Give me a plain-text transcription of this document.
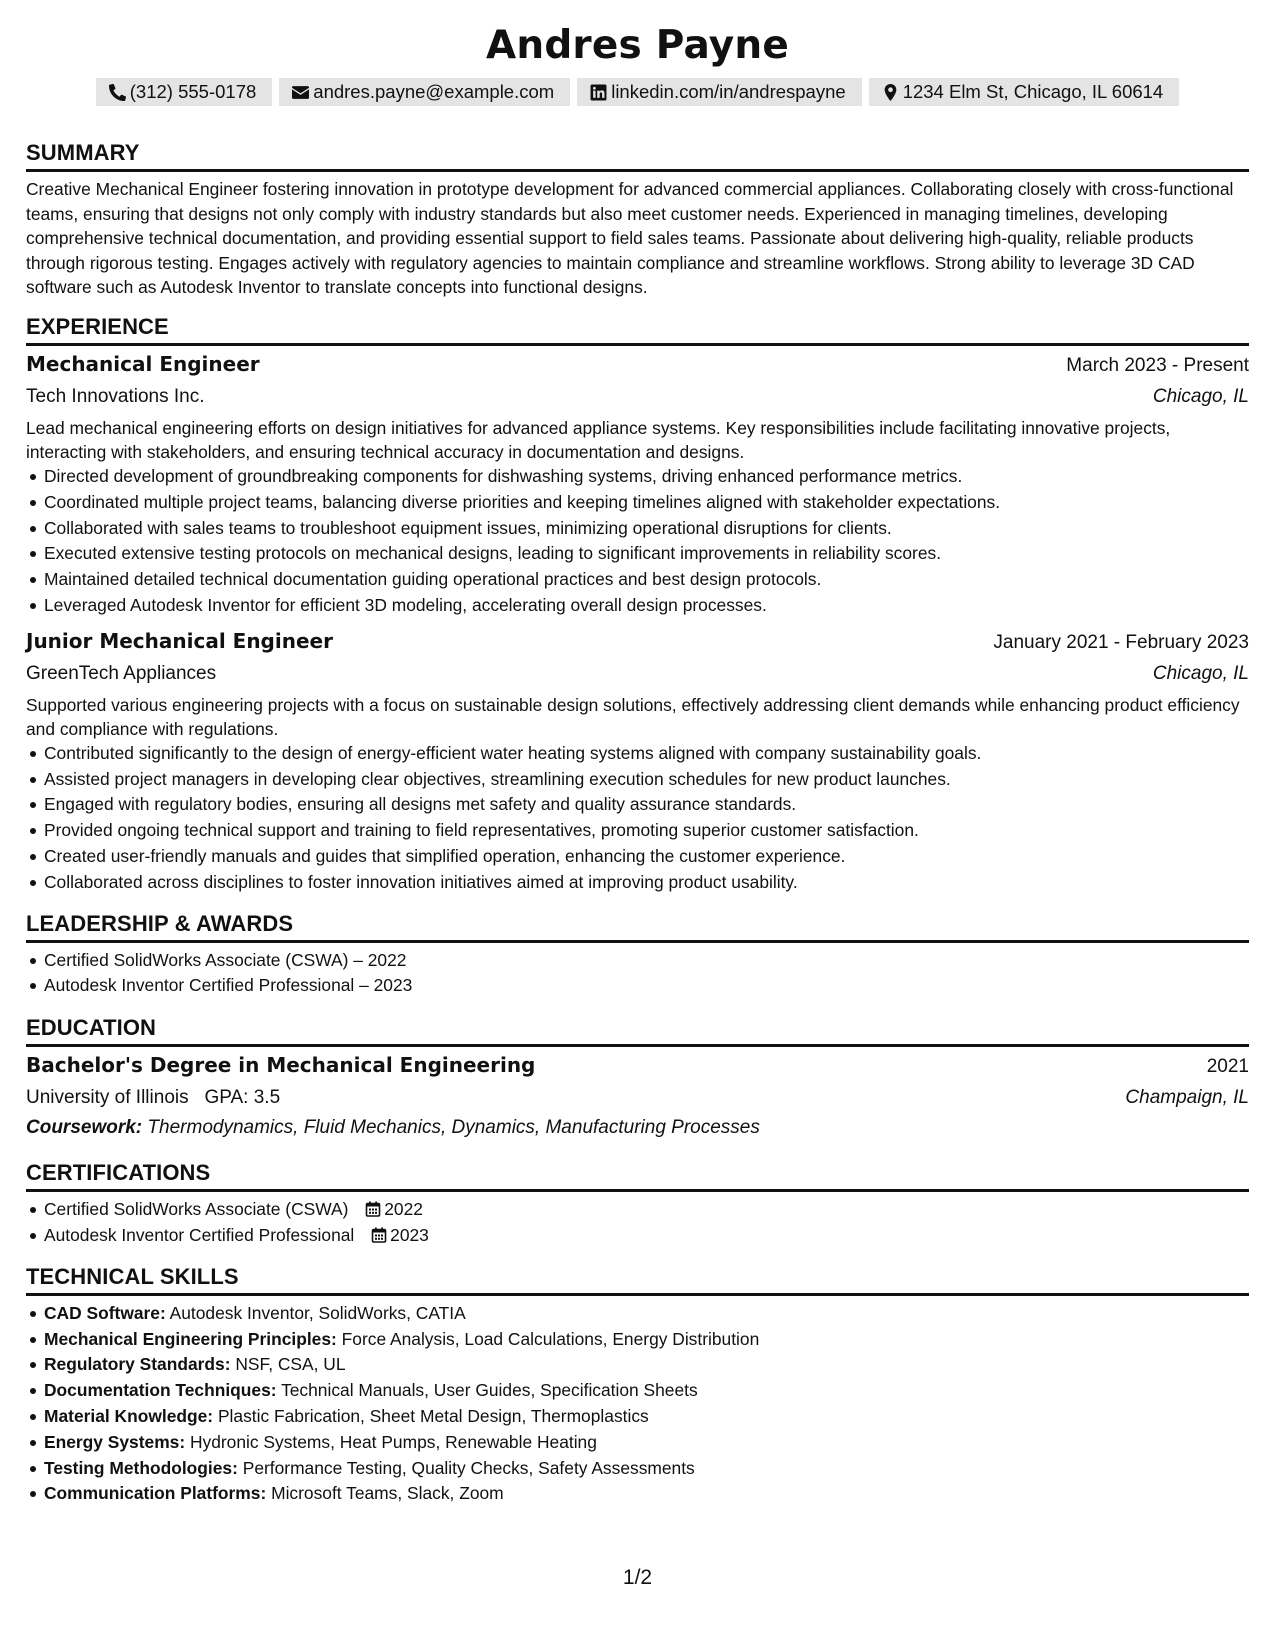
Andres Payne
(312) 555-0178	andres.payne@example.com	linkedin.com/in/andrespayne	1234 Elm St, Chicago, IL 60614
SUMMARY

Creative Mechanical Engineer fostering innovation in prototype development for advanced commercial appliances. Collaborating closely with cross-functional teams, ensuring that designs not only comply with industry standards but also meet customer needs. Experienced in managing timelines, developing comprehensive technical documentation, and providing essential support to field sales teams. Passionate about delivering high-quality, reliable products through rigorous testing. Engages actively with regulatory agencies to maintain compliance and streamline workflows. Strong ability to leverage 3D CAD software such as Autodesk Inventor to translate concepts into functional designs.

EXPERIENCE
Mechanical Engineer	March 2023 - Present
Tech Innovations Inc.	Chicago, IL

Lead mechanical engineering efforts on design initiatives for advanced appliance systems. Key responsibilities include facilitating innovative projects, interacting with stakeholders, and ensuring technical accuracy in documentation and designs.

Directed development of groundbreaking components for dishwashing systems, driving enhanced performance metrics.
Coordinated multiple project teams, balancing diverse priorities and keeping timelines aligned with stakeholder expectations.
Collaborated with sales teams to troubleshoot equipment issues, minimizing operational disruptions for clients.
Executed extensive testing protocols on mechanical designs, leading to significant improvements in reliability scores.
Maintained detailed technical documentation guiding operational practices and best design protocols.
Leveraged Autodesk Inventor for efficient 3D modeling, accelerating overall design processes.
Junior Mechanical Engineer	January 2021 - February 2023
GreenTech Appliances	Chicago, IL

Supported various engineering projects with a focus on sustainable design solutions, effectively addressing client demands while enhancing product efficiency and compliance with regulations.

Contributed significantly to the design of energy-efficient water heating systems aligned with company sustainability goals.
Assisted project managers in developing clear objectives, streamlining execution schedules for new product launches.
Engaged with regulatory bodies, ensuring all designs met safety and quality assurance standards.
Provided ongoing technical support and training to field representatives, promoting superior customer satisfaction.
Created user-friendly manuals and guides that simplified operation, enhancing the customer experience.
Collaborated across disciplines to foster innovation initiatives aimed at improving product usability.
LEADERSHIP & AWARDS
Certified SolidWorks Associate (CSWA) – 2022
Autodesk Inventor Certified Professional – 2023
EDUCATION
Bachelor's Degree in Mechanical Engineering	2021
University of Illinois GPA: 3.5	Champaign, IL
Coursework: Thermodynamics, Fluid Mechanics, Dynamics, Manufacturing Processes
CERTIFICATIONS
Certified SolidWorks Associate (CSWA) 2022
Autodesk Inventor Certified Professional 2023
TECHNICAL SKILLS
CAD Software: Autodesk Inventor, SolidWorks, CATIA
Mechanical Engineering Principles: Force Analysis, Load Calculations, Energy Distribution
Regulatory Standards: NSF, CSA, UL
Documentation Techniques: Technical Manuals, User Guides, Specification Sheets
Material Knowledge: Plastic Fabrication, Sheet Metal Design, Thermoplastics
Energy Systems: Hydronic Systems, Heat Pumps, Renewable Heating
Testing Methodologies: Performance Testing, Quality Checks, Safety Assessments
Communication Platforms: Microsoft Teams, Slack, Zoom
1/2
